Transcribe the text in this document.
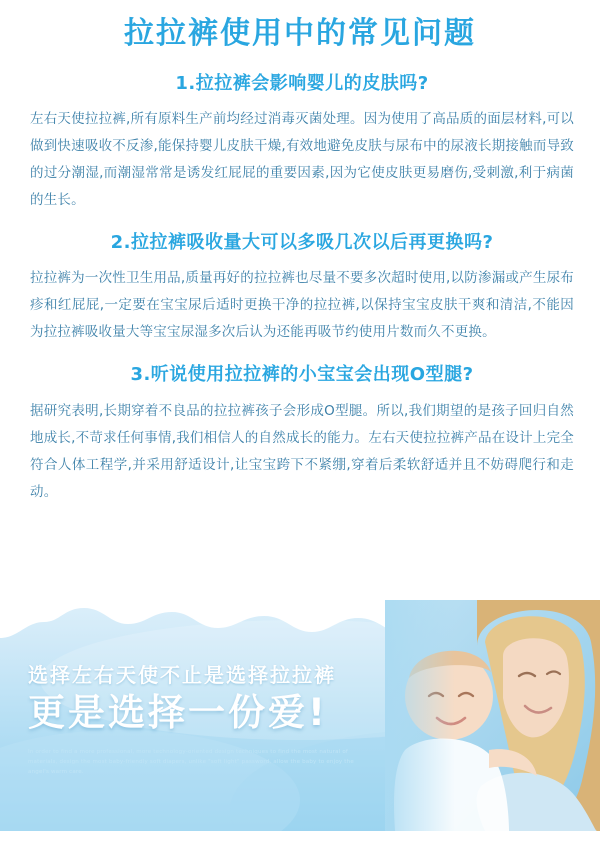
拉拉裤使用中的常见问题
1.拉拉裤会影响婴儿的皮肤吗?

左右天使拉拉裤,所有原料生产前均经过消毒灭菌处理。因为使用了高品质的面层材料,可以做到快速吸收不反渗,能保持婴儿皮肤干燥,有效地避免皮肤与尿布中的尿液长期接触而导致的过分潮湿,而潮湿常常是诱发红屁屁的重要因素,因为它使皮肤更易磨伤,受刺激,利于病菌的生长。

2.拉拉裤吸收量大可以多吸几次以后再更换吗?

拉拉裤为一次性卫生用品,质量再好的拉拉裤也尽量不要多次超时使用,以防渗漏或产生尿布疹和红屁屁,一定要在宝宝尿后适时更换干净的拉拉裤,以保持宝宝皮肤干爽和清洁,不能因为拉拉裤吸收量大等宝宝尿湿多次后认为还能再吸节约使用片数而久不更换。

3.听说使用拉拉裤的小宝宝会出现O型腿?

据研究表明,长期穿着不良品的拉拉裤孩子会形成O型腿。所以,我们期望的是孩子回归自然地成长,不苛求任何事情,我们相信人的自然成长的能力。左右天使拉拉裤产品在设计上完全符合人体工程学,并采用舒适设计,让宝宝跨下不紧绷,穿着后柔软舒适并且不妨碍爬行和走动。

选择左右天使不止是选择拉拉裤

更是选择一份爱!

In order to find a more professional, more technology-oriented design techniques to find the most natural of materials, design the most baby-friendly soft diapers, unlike "soft light" password, allow the baby to enjoy the angel's warm care.
